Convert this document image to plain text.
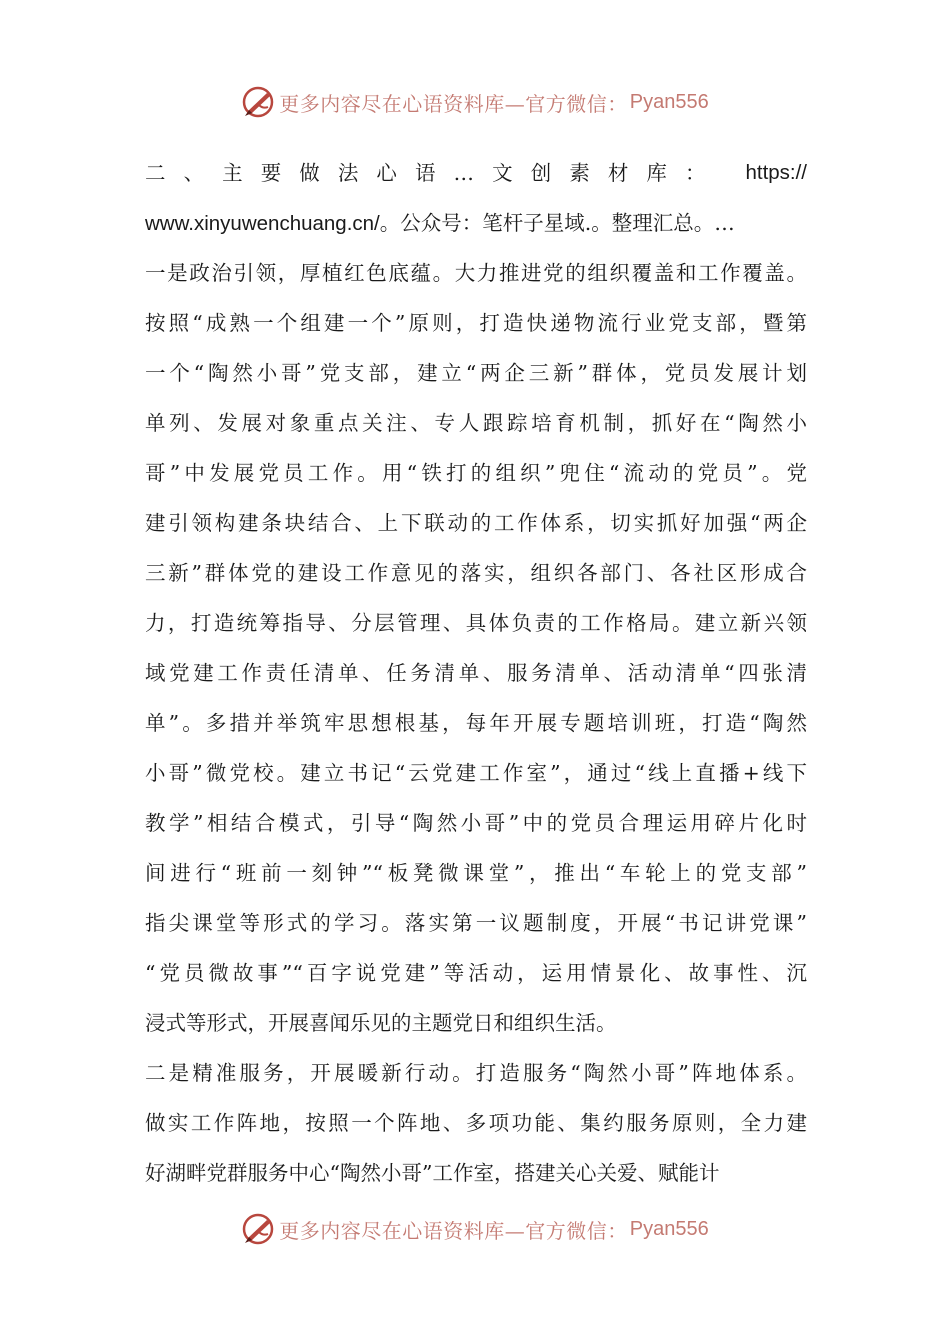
更多内容尽在心语资料库—官方微信： Pyan556
二、主要做法心语…文创素材库： https://
www.xinyuwenchuang.cn/。公众号：笔杆子星域.。整理汇总。…
一是政治引领，厚植红色底蕴。大力推进党的组织覆盖和工作覆盖。
按照“成熟一个组建一个”原则，打造快递物流行业党支部，暨第
一个“陶然小哥”党支部，建立“两企三新”群体，党员发展计划
单列、发展对象重点关注、专人跟踪培育机制，抓好在“陶然小
哥”中发展党员工作。用“铁打的组织”兜住“流动的党员”。党
建引领构建条块结合、上下联动的工作体系，切实抓好加强“两企
三新”群体党的建设工作意见的落实，组织各部门、各社区形成合
力，打造统筹指导、分层管理、具体负责的工作格局。建立新兴领
域党建工作责任清单、任务清单、服务清单、活动清单“四张清
单”。多措并举筑牢思想根基，每年开展专题培训班，打造“陶然
小哥”微党校。建立书记“云党建工作室”，通过“线上直播+线下
教学”相结合模式，引导“陶然小哥”中的党员合理运用碎片化时
间进行“班前一刻钟”“板凳微课堂”，推出“车轮上的党支部”
指尖课堂等形式的学习。落实第一议题制度，开展“书记讲党课”
“党员微故事”“百字说党建”等活动，运用情景化、故事性、沉
浸式等形式，开展喜闻乐见的主题党日和组织生活。
二是精准服务，开展暖新行动。打造服务“陶然小哥”阵地体系。
做实工作阵地，按照一个阵地、多项功能、集约服务原则，全力建
好湖畔党群服务中心“陶然小哥”工作室，搭建关心关爱、赋能计
更多内容尽在心语资料库—官方微信： Pyan556
